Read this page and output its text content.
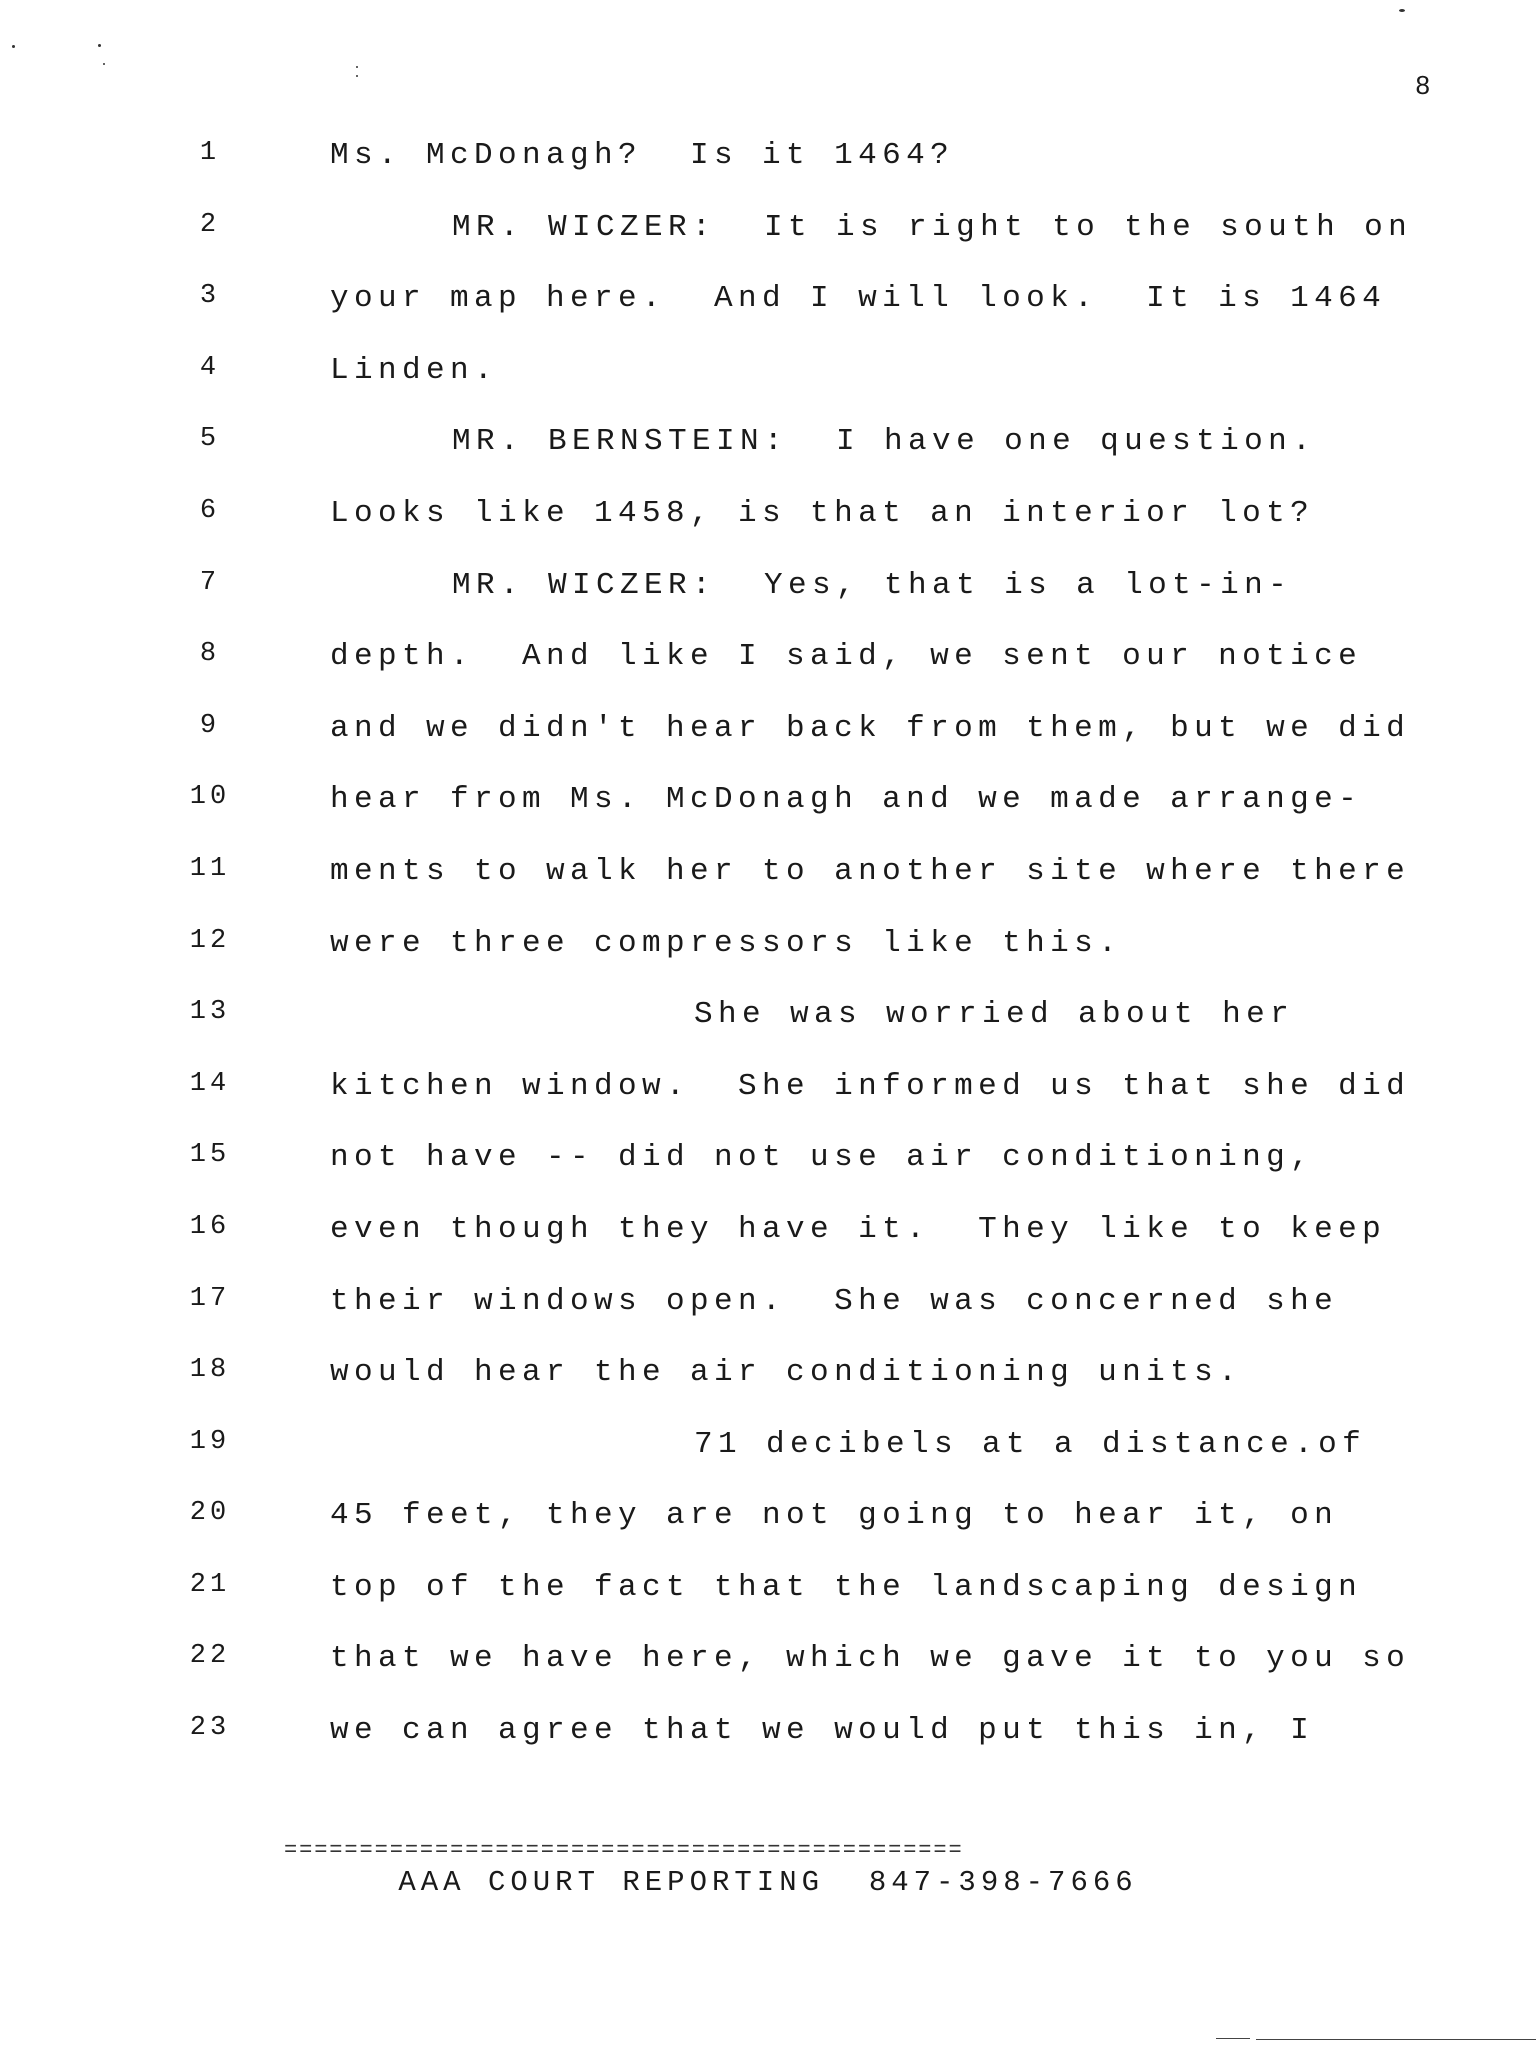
8
1	Ms. McDonagh?  Is it 1464?
2	MR. WICZER:  It is right to the south on
3	your map here.  And I will look.  It is 1464
4	Linden.
5	MR. BERNSTEIN:  I have one question.
6	Looks like 1458, is that an interior lot?
7	MR. WICZER:  Yes, that is a lot-in-
8	depth.  And like I said, we sent our notice
9	and we didn't hear back from them, but we did
10	hear from Ms. McDonagh and we made arrange-
11	ments to walk her to another site where there
12	were three compressors like this.
13	She was worried about her
14	kitchen window.  She informed us that she did
15	not have -- did not use air conditioning,
16	even though they have it.  They like to keep
17	their windows open.  She was concerned she
18	would hear the air conditioning units.
19	71 decibels at a distance.of
20	45 feet, they are not going to hear it, on
21	top of the fact that the landscaping design
22	that we have here, which we gave it to you so
23	we can agree that we would put this in, I
=============================================
AAA COURT REPORTING 847-398-7666
